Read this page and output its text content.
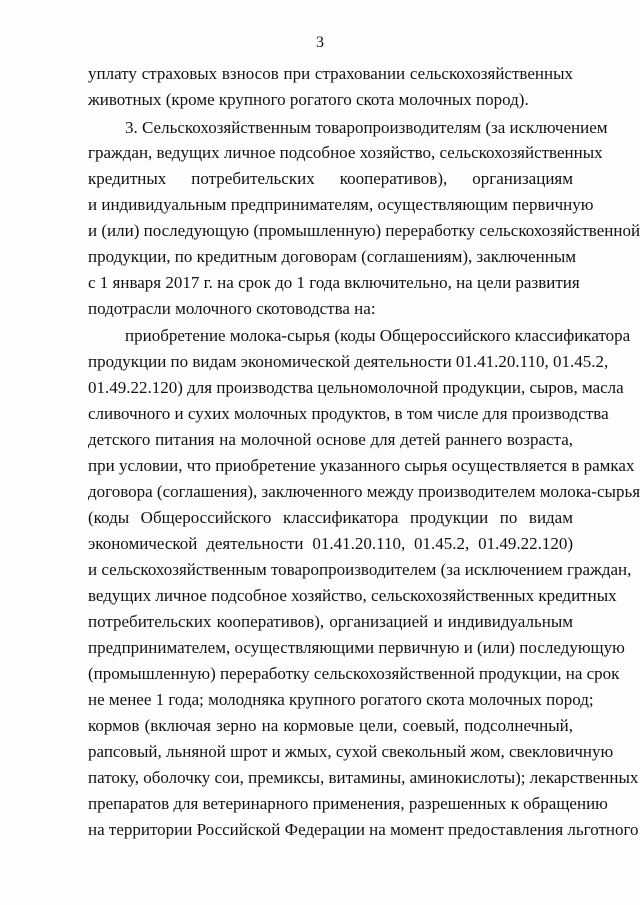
3
уплату страховых взносов при страховании сельскохозяйственных
животных (кроме крупного рогатого скота молочных пород).
3. Сельскохозяйственным товаропроизводителям (за исключением
граждан, ведущих личное подсобное хозяйство, сельскохозяйственных
кредитных потребительских кооперативов), организациям
и индивидуальным предпринимателям, осуществляющим первичную
и (или) последующую (промышленную) переработку сельскохозяйственной
продукции, по кредитным договорам (соглашениям), заключенным
с 1 января 2017 г. на срок до 1 года включительно, на цели развития
подотрасли молочного скотоводства на:
приобретение молока-сырья (коды Общероссийского классификатора
продукции по видам экономической деятельности 01.41.20.110, 01.45.2,
01.49.22.120) для производства цельномолочной продукции, сыров, масла
сливочного и сухих молочных продуктов, в том числе для производства
детского питания на молочной основе для детей раннего возраста,
при условии, что приобретение указанного сырья осуществляется в рамках
договора (соглашения), заключенного между производителем молока-сырья
(коды Общероссийского классификатора продукции по видам
экономической деятельности 01.41.20.110, 01.45.2, 01.49.22.120)
и сельскохозяйственным товаропроизводителем (за исключением граждан,
ведущих личное подсобное хозяйство, сельскохозяйственных кредитных
потребительских кооперативов), организацией и индивидуальным
предпринимателем, осуществляющими первичную и (или) последующую
(промышленную) переработку сельскохозяйственной продукции, на срок
не менее 1 года; молодняка крупного рогатого скота молочных пород;
кормов (включая зерно на кормовые цели, соевый, подсолнечный,
рапсовый, льняной шрот и жмых, сухой свекольный жом, свекловичную
патоку, оболочку сои, премиксы, витамины, аминокислоты); лекарственных
препаратов для ветеринарного применения, разрешенных к обращению
на территории Российской Федерации на момент предоставления льготного
